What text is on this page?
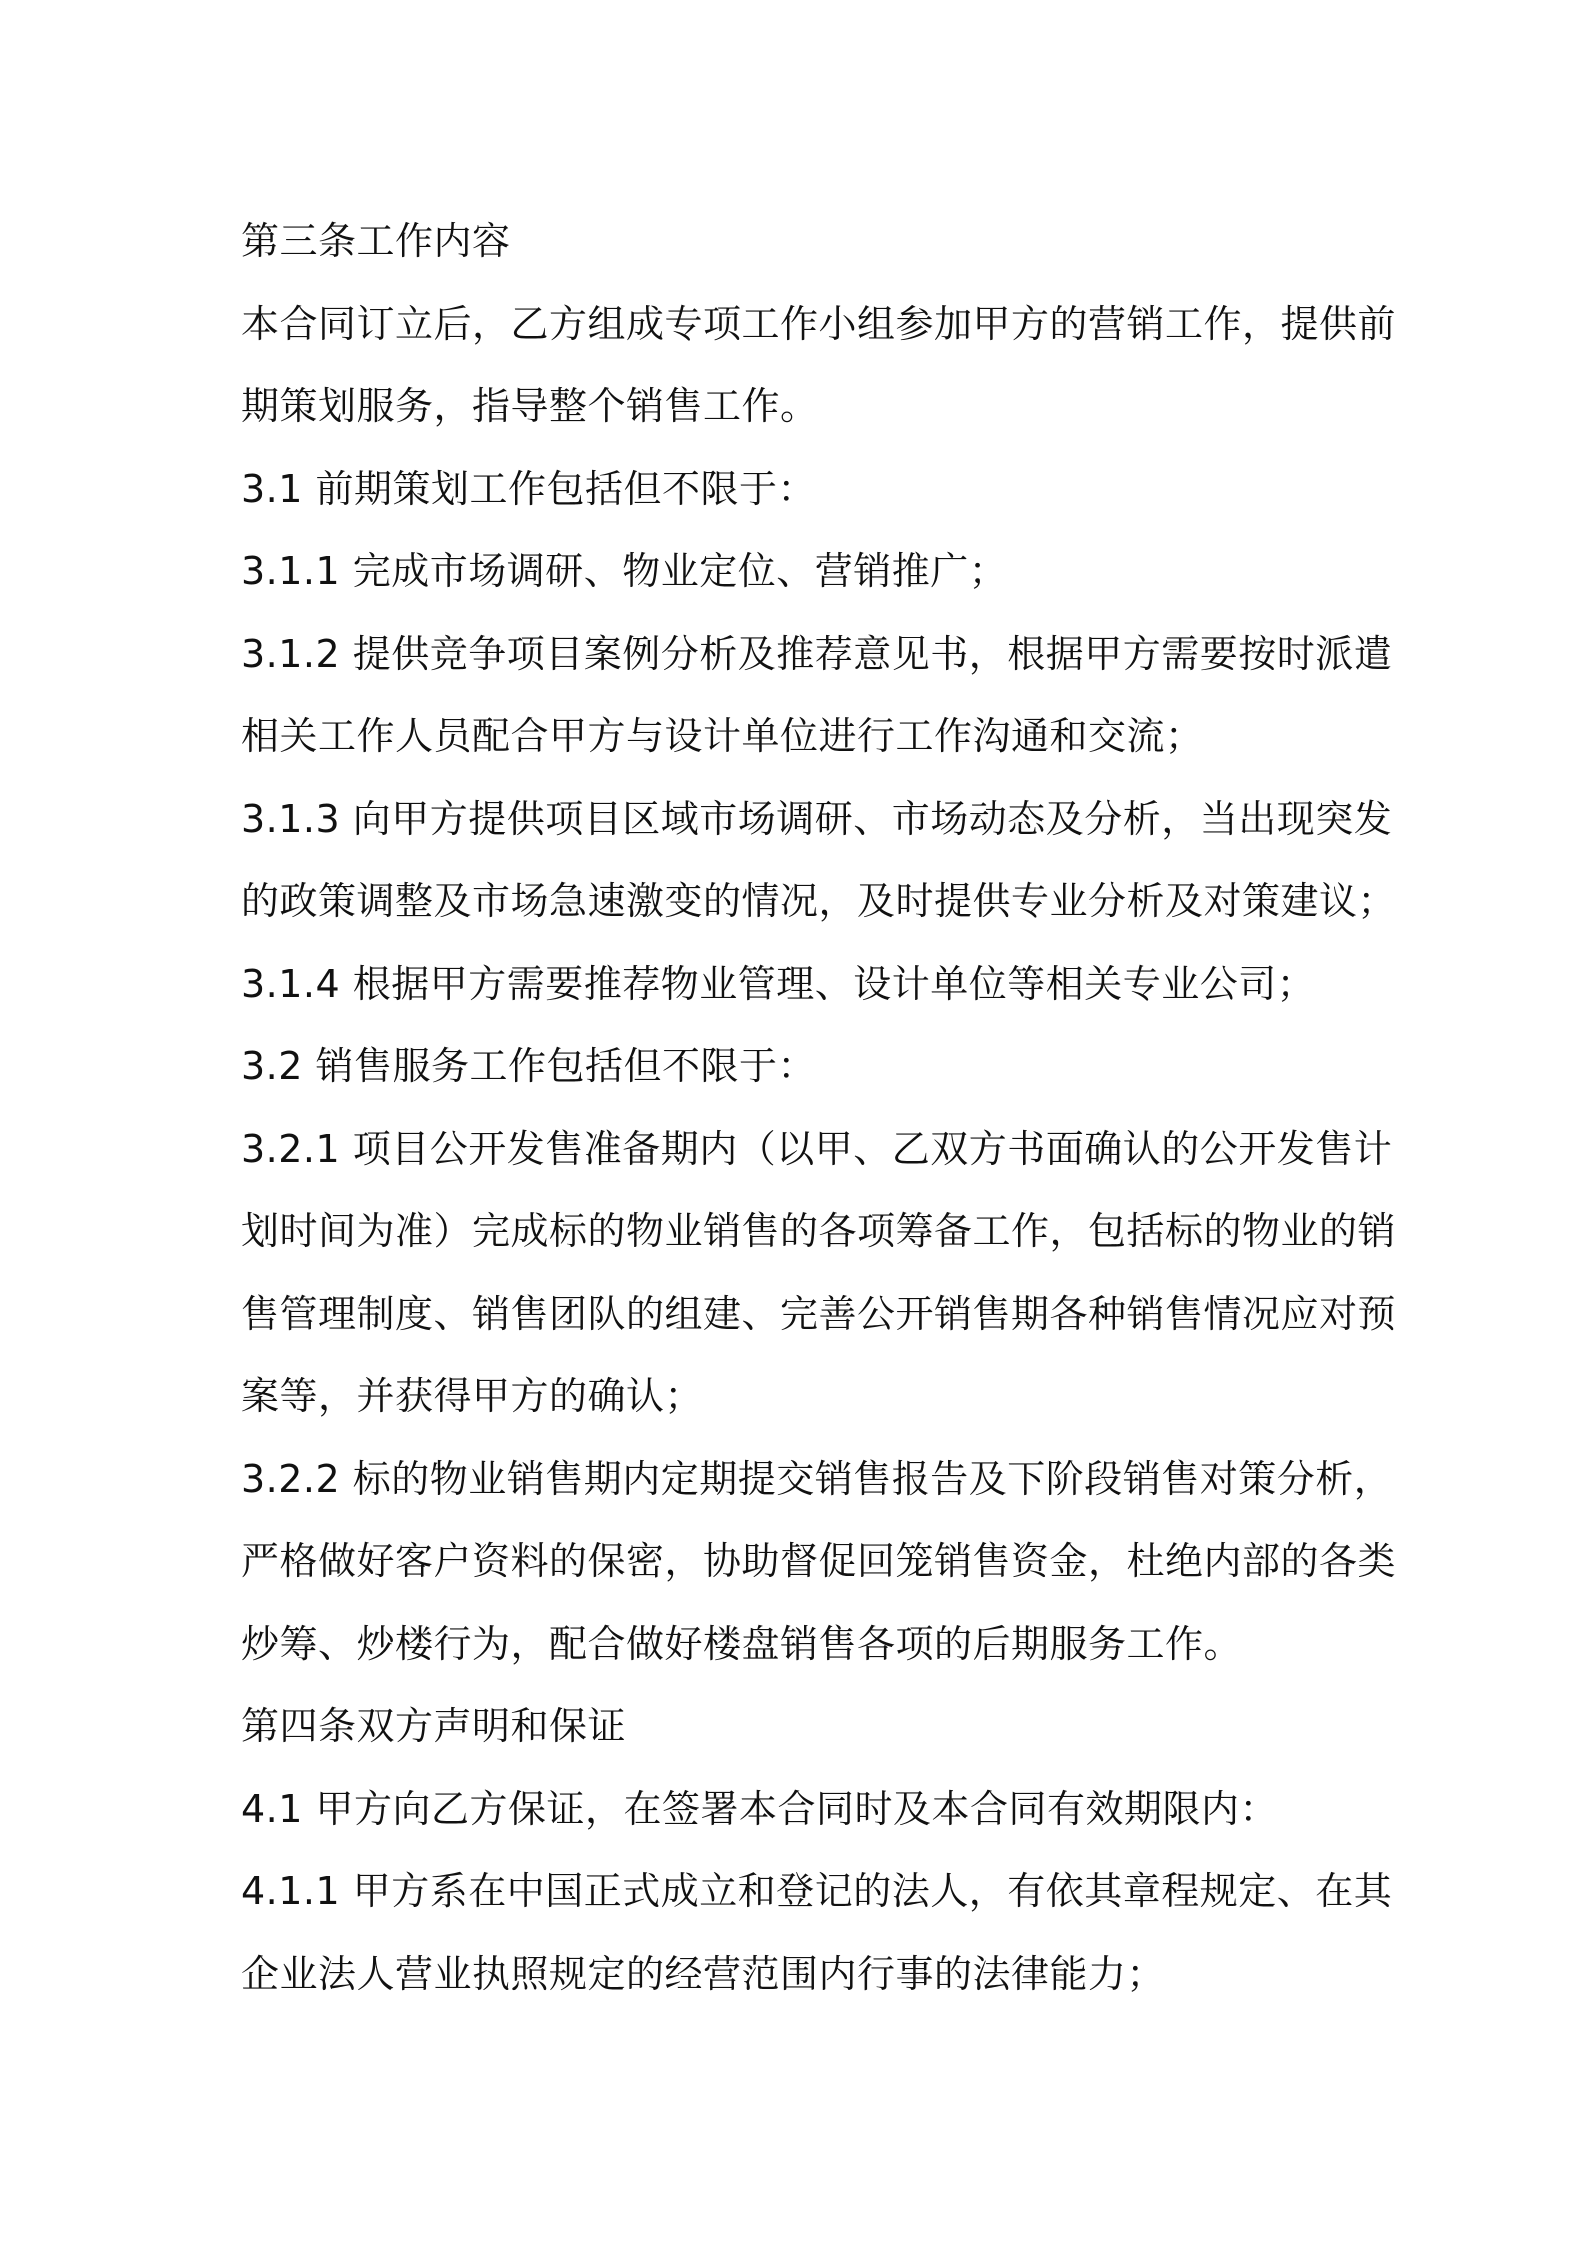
第三条工作内容
本合同订立后，乙方组成专项工作小组参加甲方的营销工作，提供前
期策划服务，指导整个销售工作。
3.1 前期策划工作包括但不限于：
3.1.1 完成市场调研、物业定位、营销推广；
3.1.2 提供竞争项目案例分析及推荐意见书，根据甲方需要按时派遣
相关工作人员配合甲方与设计单位进行工作沟通和交流；
3.1.3 向甲方提供项目区域市场调研、市场动态及分析，当出现突发
的政策调整及市场急速激变的情况，及时提供专业分析及对策建议；
3.1.4 根据甲方需要推荐物业管理、设计单位等相关专业公司；
3.2 销售服务工作包括但不限于：
3.2.1 项目公开发售准备期内（以甲、乙双方书面确认的公开发售计
划时间为准）完成标的物业销售的各项筹备工作，包括标的物业的销
售管理制度、销售团队的组建、完善公开销售期各种销售情况应对预
案等，并获得甲方的确认；
3.2.2 标的物业销售期内定期提交销售报告及下阶段销售对策分析，
严格做好客户资料的保密，协助督促回笼销售资金，杜绝内部的各类
炒筹、炒楼行为，配合做好楼盘销售各项的后期服务工作。
第四条双方声明和保证
4.1 甲方向乙方保证，在签署本合同时及本合同有效期限内：
4.1.1 甲方系在中国正式成立和登记的法人，有依其章程规定、在其
企业法人营业执照规定的经营范围内行事的法律能力；
